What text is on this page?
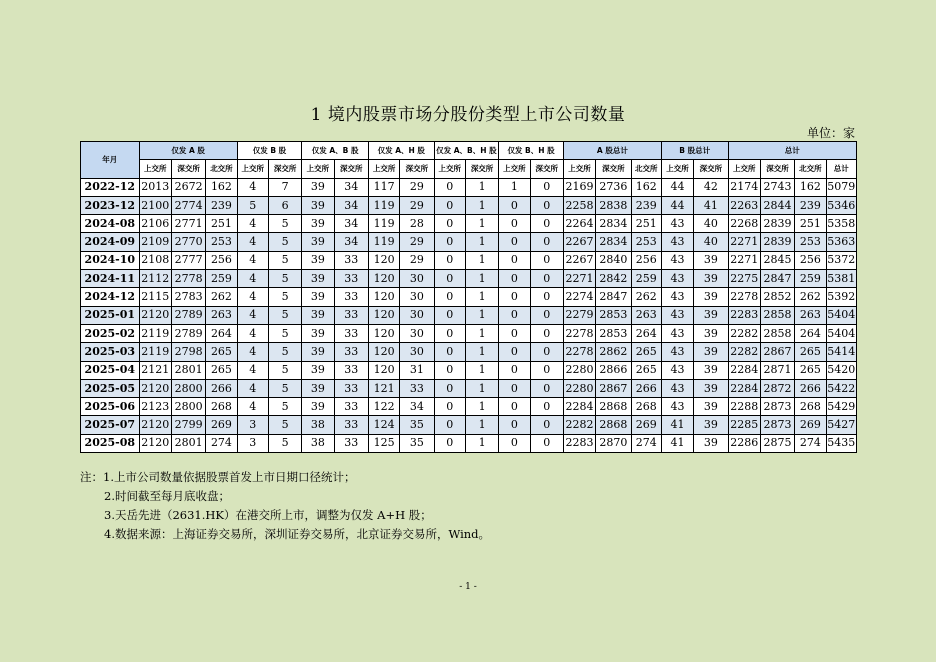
1 境内股票市场分股份类型上市公司数量
单位：家
年月	仅发 A 股			仅发 B 股		仅发 A、B 股		仅发 A、H 股		仅发 A、B、H 股		仅发 B、H 股		A 股总计			B 股总计		总计			
	上交所	深交所	北交所	上交所	深交所	上交所	深交所	上交所	深交所	上交所	深交所	上交所	深交所	上交所	深交所	北交所	上交所	深交所	上交所	深交所	北交所	总计
2022-12	2013	2672	162	4	7	39	34	117	29	0	1	1	0	2169	2736	162	44	42	2174	2743	162	5079
2023-12	2100	2774	239	5	6	39	34	119	29	0	1	0	0	2258	2838	239	44	41	2263	2844	239	5346
2024-08	2106	2771	251	4	5	39	34	119	28	0	1	0	0	2264	2834	251	43	40	2268	2839	251	5358
2024-09	2109	2770	253	4	5	39	34	119	29	0	1	0	0	2267	2834	253	43	40	2271	2839	253	5363
2024-10	2108	2777	256	4	5	39	33	120	29	0	1	0	0	2267	2840	256	43	39	2271	2845	256	5372
2024-11	2112	2778	259	4	5	39	33	120	30	0	1	0	0	2271	2842	259	43	39	2275	2847	259	5381
2024-12	2115	2783	262	4	5	39	33	120	30	0	1	0	0	2274	2847	262	43	39	2278	2852	262	5392
2025-01	2120	2789	263	4	5	39	33	120	30	0	1	0	0	2279	2853	263	43	39	2283	2858	263	5404
2025-02	2119	2789	264	4	5	39	33	120	30	0	1	0	0	2278	2853	264	43	39	2282	2858	264	5404
2025-03	2119	2798	265	4	5	39	33	120	30	0	1	0	0	2278	2862	265	43	39	2282	2867	265	5414
2025-04	2121	2801	265	4	5	39	33	120	31	0	1	0	0	2280	2866	265	43	39	2284	2871	265	5420
2025-05	2120	2800	266	4	5	39	33	121	33	0	1	0	0	2280	2867	266	43	39	2284	2872	266	5422
2025-06	2123	2800	268	4	5	39	33	122	34	0	1	0	0	2284	2868	268	43	39	2288	2873	268	5429
2025-07	2120	2799	269	3	5	38	33	124	35	0	1	0	0	2282	2868	269	41	39	2285	2873	269	5427
2025-08	2120	2801	274	3	5	38	33	125	35	0	1	0	0	2283	2870	274	41	39	2286	2875	274	5435
注：1.上市公司数量依据股票首发上市日期口径统计；
2.时间截至每月底收盘；
3.天岳先进（2631.HK）在港交所上市，调整为仅发 A+H 股；
4.数据来源：上海证券交易所，深圳证券交易所，北京证券交易所，Wind。
- 1 -
